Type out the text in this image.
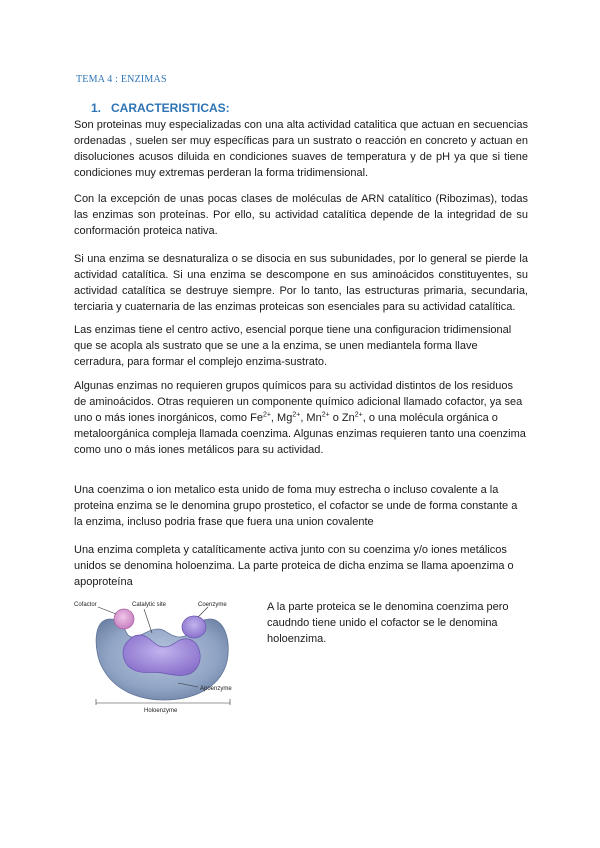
TEMA 4 : ENZIMAS
1. CARACTERISTICAS:

Son proteinas muy especializadas con una alta actividad catalitica que actuan en secuencias ordenadas , suelen ser muy específicas para un sustrato o reacción en concreto y actuan en disoluciones acusos diluida en condiciones suaves de temperatura y de pH ya que si tiene condiciones muy extremas perderan la forma tridimensional.

Con la excepción de unas pocas clases de moléculas de ARN catalítico (Ribozimas), todas las enzimas son proteínas. Por ello, su actividad catalítica depende de la integridad de su conformación proteica nativa.

Si una enzima se desnaturaliza o se disocia en sus subunidades, por lo general se pierde la actividad catalítica. Si una enzima se descompone en sus aminoácidos constituyentes, su actividad catalítica se destruye siempre. Por lo tanto, las estructuras primaria, secundaria, terciaria y cuaternaria de las enzimas proteicas son esenciales para su actividad catalítica.

Las enzimas tiene el centro activo, esencial porque tiene una configuracion tridimensional que se acopla als sustrato que se une a la enzima, se unen mediantela forma llave cerradura, para formar el complejo enzima-sustrato.

Algunas enzimas no requieren grupos químicos para su actividad distintos de los residuos de aminoácidos. Otras requieren un componente químico adicional llamado cofactor, ya sea uno o más iones inorgánicos, como $Fe^{2+}$, $Mg^{2+}$, $Mn^{2+}$ o $Zn^{2+}$, o una molécula orgánica o metaloorgánica compleja llamada coenzima. Algunas enzimas requieren tanto una coenzima como uno o más iones metálicos para su actividad.

Una coenzima o ion metalico esta unido de foma muy estrecha o incluso covalente a la proteina enzima se le denomina grupo prostetico, el cofactor se unde de forma constante a la enzima, incluso podria frase que fuera una union covalente

Una enzima completa y catalíticamente activa junto con su coenzima y/o iones metálicos unidos se denomina holoenzima. La parte proteica de dicha enzima se llama apoenzima o apoproteína

Cofactor	Catalytic site	Coenzyme
Apoenzyme
Holoenzyme

A la parte proteica se le denomina coenzima pero caudndo tiene unido el cofactor se le denomina holoenzima.
